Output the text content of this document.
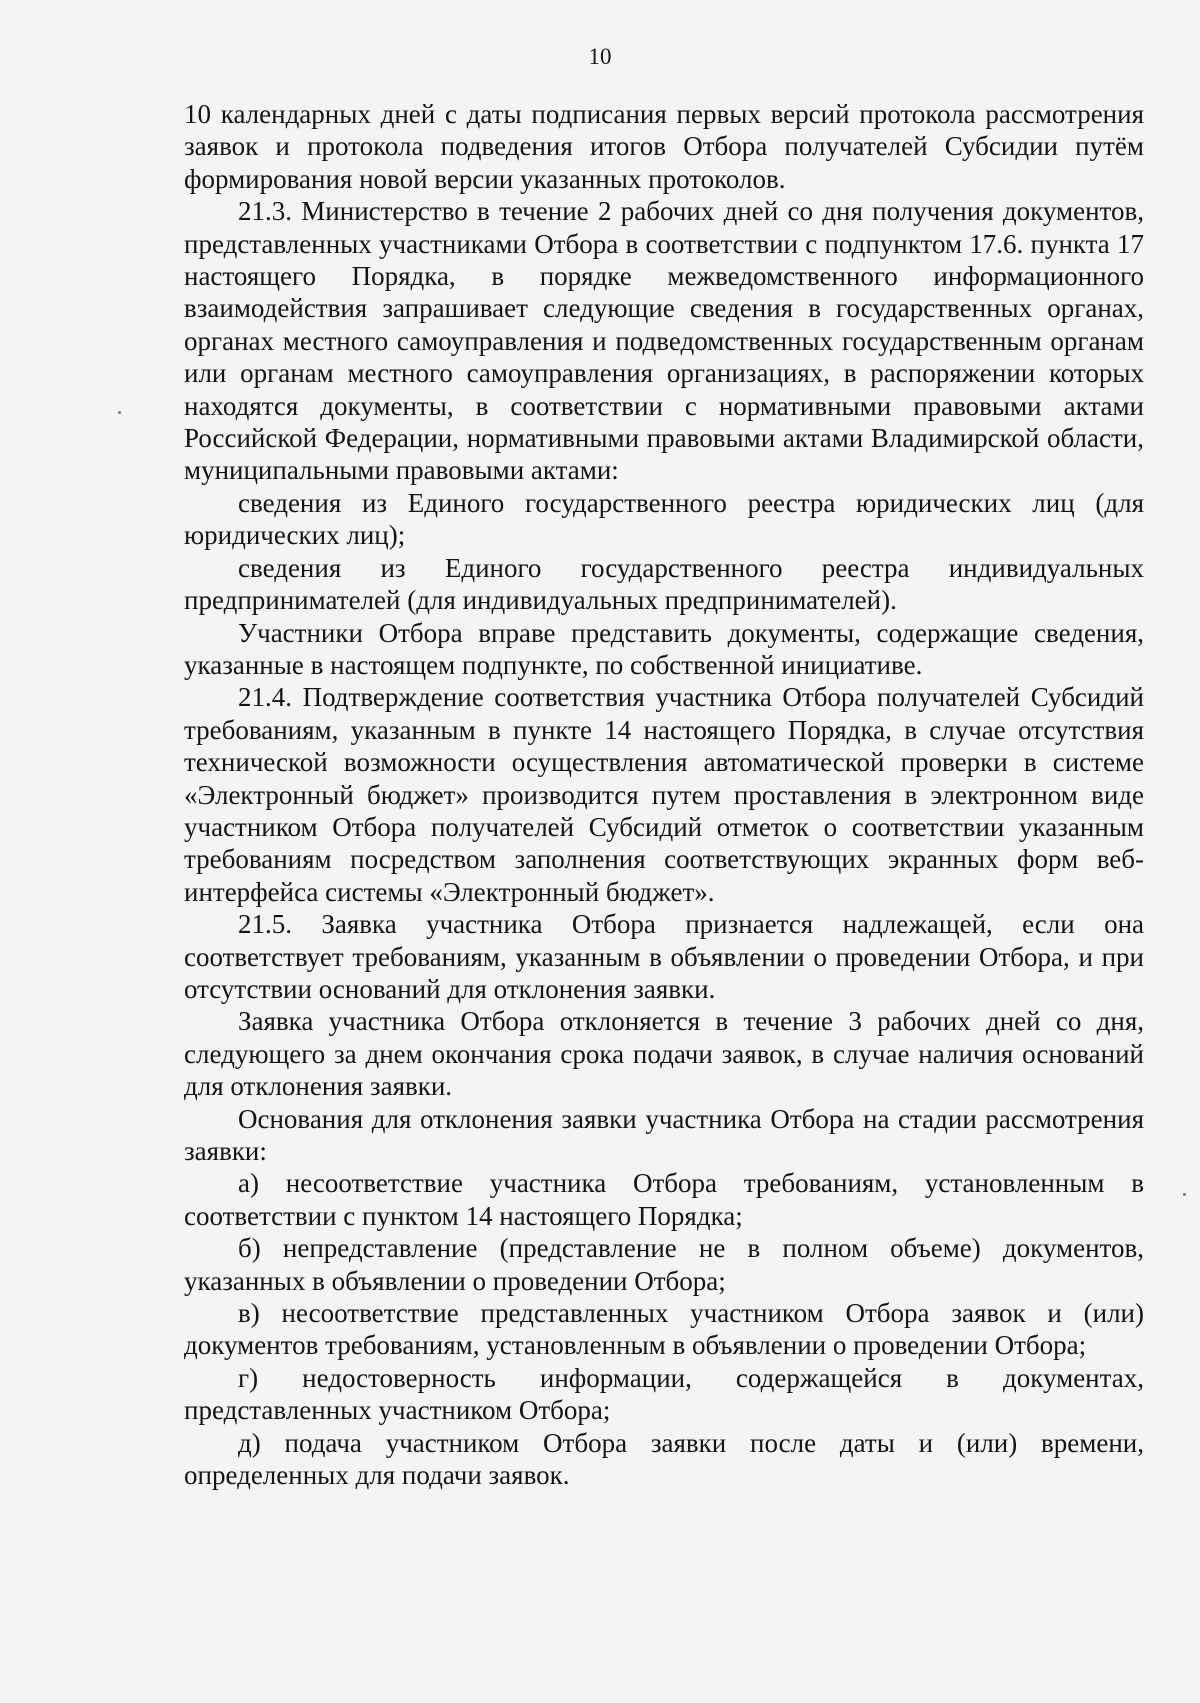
10

10 календарных дней с даты подписания первых версий протокола рассмотрения заявок и протокола подведения итогов Отбора получателей Субсидии путём формирования новой версии указанных протоколов.

21.3. Министерство в течение 2 рабочих дней со дня получения документов, представленных участниками Отбора в соответствии с подпунктом 17.6. пункта 17 настоящего Порядка, в порядке межведомственного информационного взаимодействия запрашивает следующие сведения в государственных органах, органах местного самоуправления и подведомственных государственным органам или органам местного самоуправления организациях, в распоряжении которых находятся документы, в соответствии с нормативными правовыми актами Российской Федерации, нормативными правовыми актами Владимирской области, муниципальными правовыми актами:

сведения из Единого государственного реестра юридических лиц (для юридических лиц);

сведения из Единого государственного реестра индивидуальных предпринимателей (для индивидуальных предпринимателей).

Участники Отбора вправе представить документы, содержащие сведения, указанные в настоящем подпункте, по собственной инициативе.

21.4. Подтверждение соответствия участника Отбора получателей Субсидий требованиям, указанным в пункте 14 настоящего Порядка, в случае отсутствия технической возможности осуществления автоматической проверки в системе «Электронный бюджет» производится путем проставления в электронном виде участником Отбора получателей Субсидий отметок о соответствии указанным требованиям посредством заполнения соответствующих экранных форм веб-интерфейса системы «Электронный бюджет».

21.5. Заявка участника Отбора признается надлежащей, если она соответствует требованиям, указанным в объявлении о проведении Отбора, и при отсутствии оснований для отклонения заявки.

Заявка участника Отбора отклоняется в течение 3 рабочих дней со дня, следующего за днем окончания срока подачи заявок, в случае наличия оснований для отклонения заявки.

Основания для отклонения заявки участника Отбора на стадии рассмотрения заявки:

а) несоответствие участника Отбора требованиям, установленным в соответствии с пунктом 14 настоящего Порядка;

б) непредставление (представление не в полном объеме) документов, указанных в объявлении о проведении Отбора;

в) несоответствие представленных участником Отбора заявок и (или) документов требованиям, установленным в объявлении о проведении Отбора;

г) недостоверность информации, содержащейся в документах, представленных участником Отбора;

д) подача участником Отбора заявки после даты и (или) времени, определенных для подачи заявок.
